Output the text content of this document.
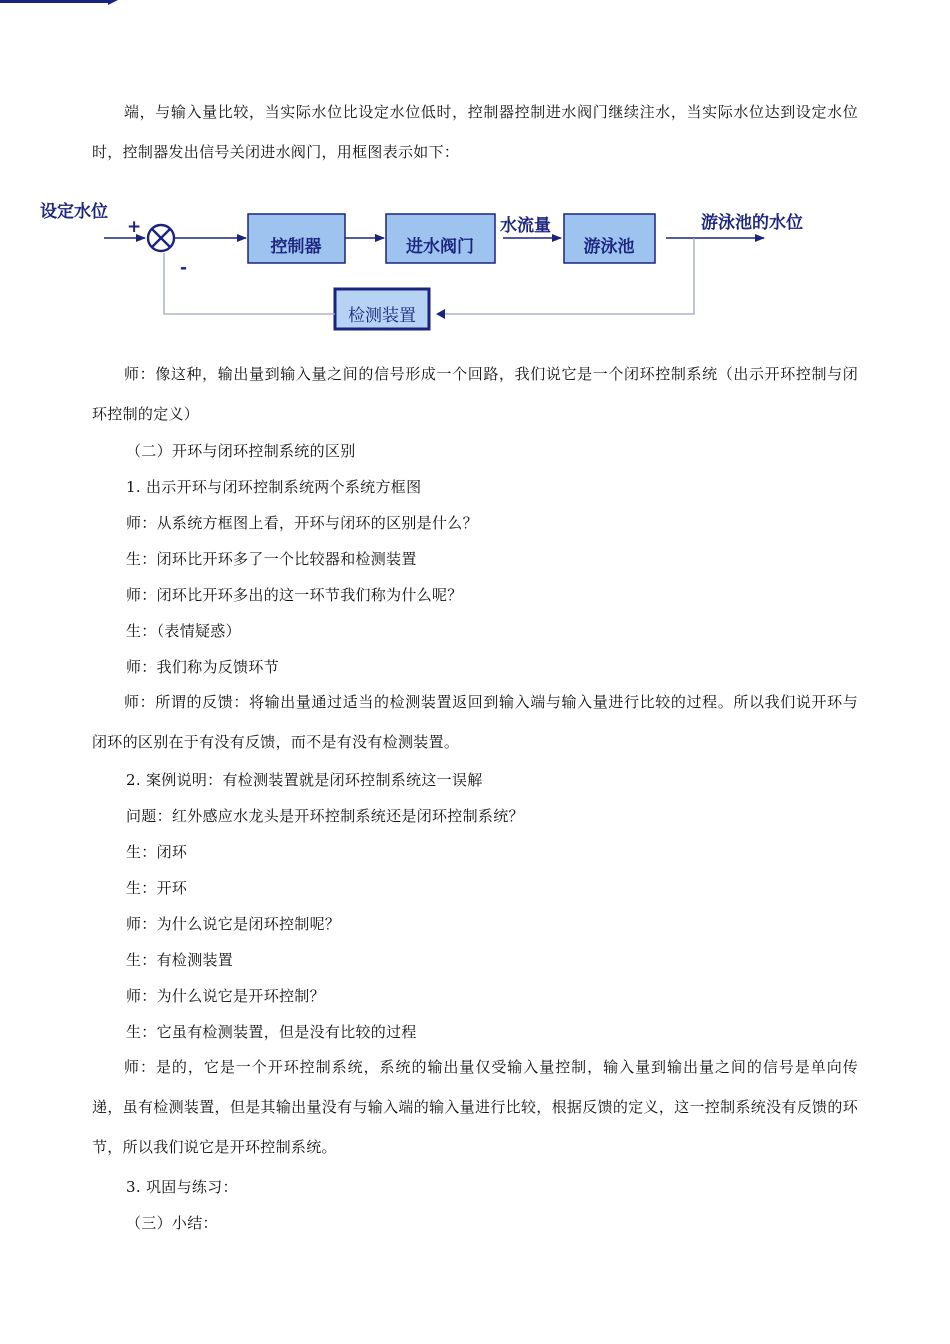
端，与输入量比较，当实际水位比设定水位低时，控制器控制进水阀门继续注水，当实际水位达到设定水位时，控制器发出信号关闭进水阀门，用框图表示如下：

设定水位
+
-
控制器	进水阀门
水流量
游泳池
游泳池的水位
检测装置

师：像这种，输出量到输入量之间的信号形成一个回路，我们说它是一个闭环控制系统（出示开环控制与闭环控制的定义）

（二）开环与闭环控制系统的区别
1. 出示开环与闭环控制系统两个系统方框图
师：从系统方框图上看，开环与闭环的区别是什么？
生：闭环比开环多了一个比较器和检测装置
师：闭环比开环多出的这一环节我们称为什么呢？
生：（表情疑惑）
师：我们称为反馈环节

师：所谓的反馈：将输出量通过适当的检测装置返回到输入端与输入量进行比较的过程。所以我们说开环与闭环的区别在于有没有反馈，而不是有没有检测装置。

2. 案例说明：有检测装置就是闭环控制系统这一误解
问题：红外感应水龙头是开环控制系统还是闭环控制系统？
生：闭环
生：开环
师：为什么说它是闭环控制呢？
生：有检测装置
师：为什么说它是开环控制？
生：它虽有检测装置，但是没有比较的过程

师：是的，它是一个开环控制系统，系统的输出量仅受输入量控制，输入量到输出量之间的信号是单向传递，虽有检测装置，但是其输出量没有与输入端的输入量进行比较，根据反馈的定义，这一控制系统没有反馈的环节，所以我们说它是开环控制系统。

3. 巩固与练习：
（三）小结：
